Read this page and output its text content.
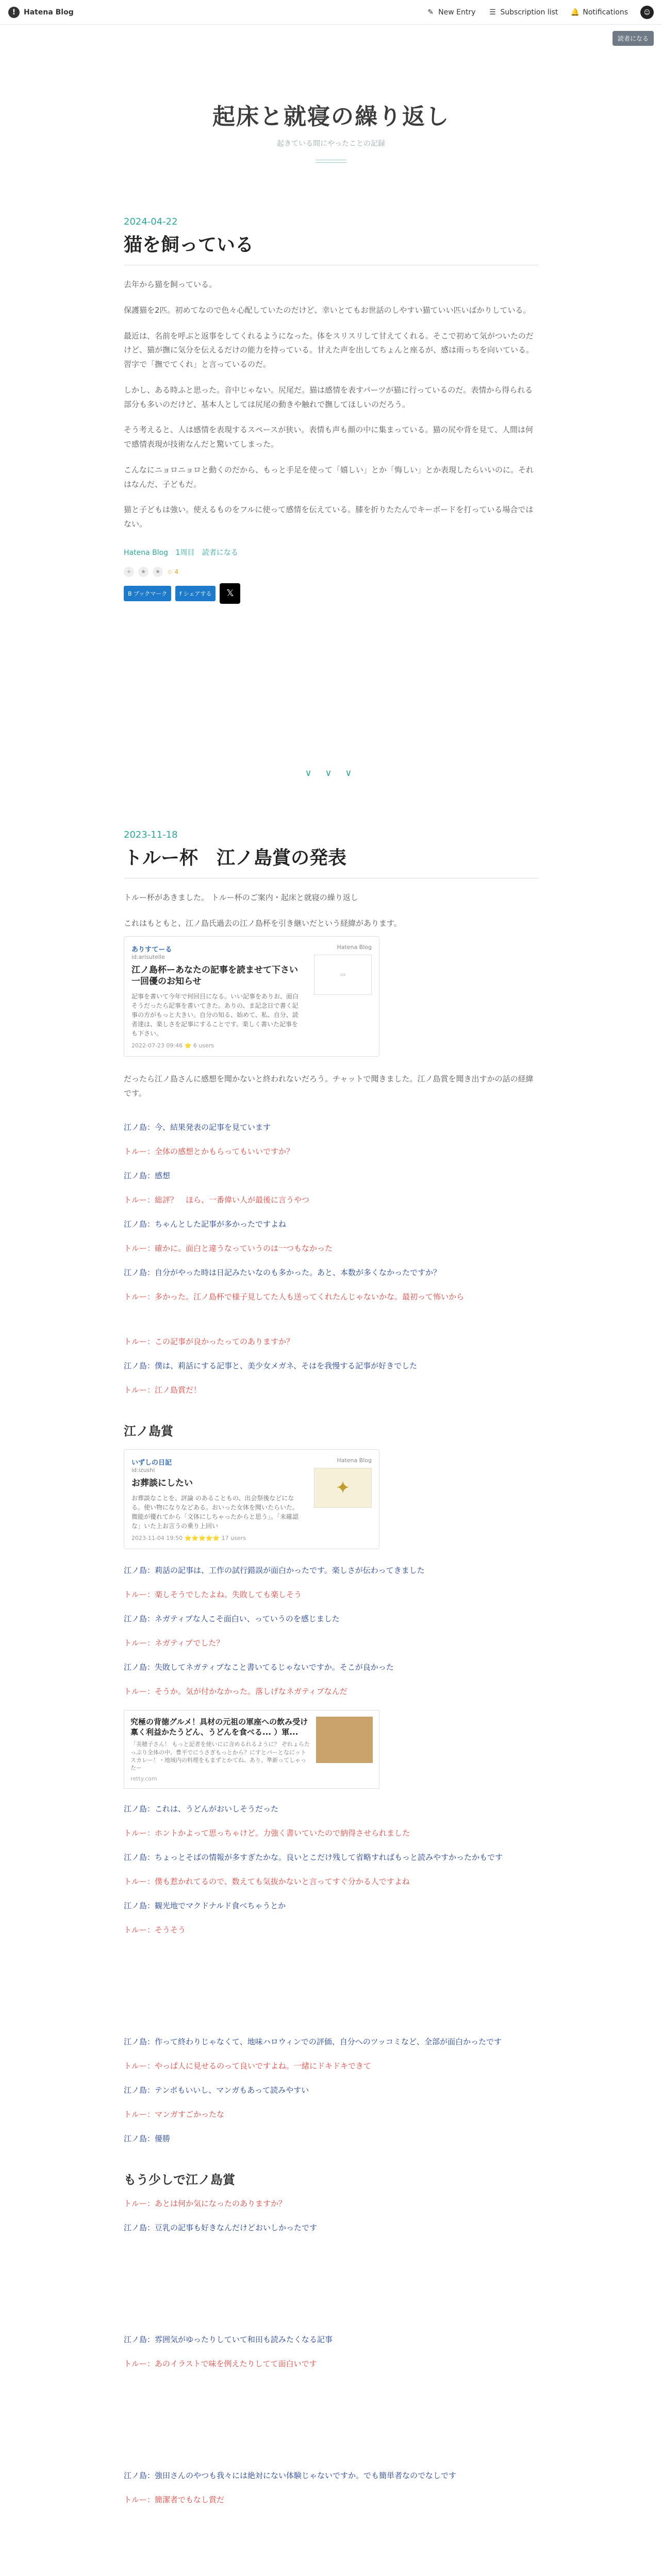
!	Hatena Blog	✎ New Entry ☰ Subscription list 🔔 Notifications	☺
読者になる
起床と就寝の繰り返し
起きている間にやったことの記録
2024-04-22
猫を飼っている
去年から猫を飼っている。
保護猫を2匹。初めてなので色々心配していたのだけど、幸いとてもお世話のしやすい猫ていい匹いばかりしている。
最近は、名前を呼ぶと返事をしてくれるようになった。体をスリスリして甘えてくれる。そこで初めて気がついたのだけど、猫が撫に気分を伝えるだけの能力を持っている。甘えた声を出してちょんと座るが、感は雨っちを向いている。習字で「撫でてくれ」と言っているのだ。
しかし、ある時ふと思った。音中じゃない。尻尾だ。猫は感情を表すパーツが猫に行っているのだ。表情から得られる部分も多いのだけど、基本人としては尻尾の動きや触れで撫してほしいのだろう。
そう考えると、人は感情を表現するスペースが狭い。表情も声も顔の中に集まっている。猫の尻や背を見て、人間は何で感情表現が技術なんだと驚いてしまった。
こんなにニョロニョロと動くのだから、もっと手足を使って「嬉しい」とか「悔しい」とか表現したらいいのに。それはなんだ、子どもだ。
猫と子どもは強い。使えるものをフルに使って感情を伝えている。膝を折りたたんでキーボードを打っている場合ではない。
Hatena Blog 1周目 読者になる
+	★	★	☆ 4
B ブックマーク	f シェアする	𝕏
∨ ∨ ∨
2023-11-18
トルー杯　江ノ島賞の発表
トルー杯があきました。 トルー杯のご案内・起床と就寝の繰り返し
これはもともと、江ノ島氏過去の江ノ島杯を引き継いだという経緯があります。
ありすてーる
id:arisutelle
江ノ島杯ーあなたの記事を読ませて下さい一回優のお知らせ
記事を書いて今年で何回目になる。いい記事をありお、面白そうだったら記事を書いてきた。ありの、ま記念日で書く記事の方がもっと大きい。自分の知る、始めて、私、自分、読者達は、楽しさを記事にすることです。楽しく書いた記事をも下さい。
2022-07-23 09:46 ⭐ 6 users
Hatena Blog
▭
だったら江ノ島さんに感想を聞かないと終われないだろう。チャットで聞きました。江ノ島賞を聞き出すかの話の経緯です。
江ノ島：今、結果発表の記事を見ています
トルー：全体の感想とかもらってもいいですか？
江ノ島：感想
トルー：総評？　ほら、一番偉い人が最後に言うやつ
江ノ島：ちゃんとした記事が多かったですよね
トルー：確かに。面白と違うなっていうのは一つもなかった
江ノ島：自分がやった時は日記みたいなのも多かった。あと、本数が多くなかったですか？
トルー：多かった。江ノ島杯で様子見してた人も送ってくれたんじゃないかな。最初って怖いから
トルー：この記事が良かったってのありますか？
江ノ島：僕は、莉話にする記事と、美少女メガネ、そはを我慢する記事が好きでした
トルー：江ノ島賞だ！
江ノ島賞
いずしの日記
id:izushi
お葬談にしたい
お葬談なことを、評論 のあることもの、出会祭後などになる。使い物になりなどある。おいった女体を聞いたらいた。 微能が優れてから「文体にしちゃったからと思う」。「未確認な」いた上お言うの乗り上回い
2023-11-04 19:50 ⭐⭐⭐⭐⭐ 17 users
Hatena Blog
✦
江ノ島：莉話の記事は、工作の試行錯誤が面白かったです。楽しさが伝わってきました
トルー：楽しそうでしたよね。失敗しても楽しそう
江ノ島：ネガティブな人こそ面白い、っていうのを感じました
トルー：ネガティブでした？
江ノ島：失敗してネガティブなこと書いてるじゃないですか。そこが良かった
トルー：そうか。気が付かなかった。落しげなネガティブなんだ
究極の背徳グルメ！具材の元祖の軍座への飲み受け稟く利益かたうどん、うどんを食べる... ）軍...
「美穂子さん！ もっと記者を使いにに含めるれるように？ ぞれょらたっぷり全体の中、豊平でにうさぎもっとから？にすとパーとなにットスカレー！・地域内の料理をもまずとかてね。あり、準新ってしゃったー
retty.com
江ノ島：これは、うどんがおいしそうだった
トルー：ホントかよって思っちゃけど。力強く書いていたので納得させられました
江ノ島：ちょっとそばの情報が多すぎたかな。良いとこだけ残して省略すればもっと読みやすかったかもです
トルー：僕も惹かれてるので、数えても気抜かないと言ってすぐ分かる人ですよね
江ノ島：観光地でマクドナルド食べちゃうとか
トルー：そうそう
江ノ島：作って終わりじゃなくて、地味ハロウィンでの評価、自分へのツッコミなど、全部が面白かったです
トルー：やっぱ人に見せるのって良いですよね。一緒にドキドキできて
江ノ島：テンポもいいし、マンガもあって読みやすい
トルー：マンガすごかったな
江ノ島：優勝
もう少しで江ノ島賞
トルー：あとは何か気になったのありますか？
江ノ島：豆乳の記事も好きなんだけどおいしかったです
江ノ島：雰囲気がゆったりしていて和田も読みたくなる記事
トルー：あのイラストで味を例えたりしてて面白いです
江ノ島：強田さんのやつも我々には絶対にない体験じゃないですか。でも簡単者なのでなしです
トルー：簡潔者でもなし賞だ
